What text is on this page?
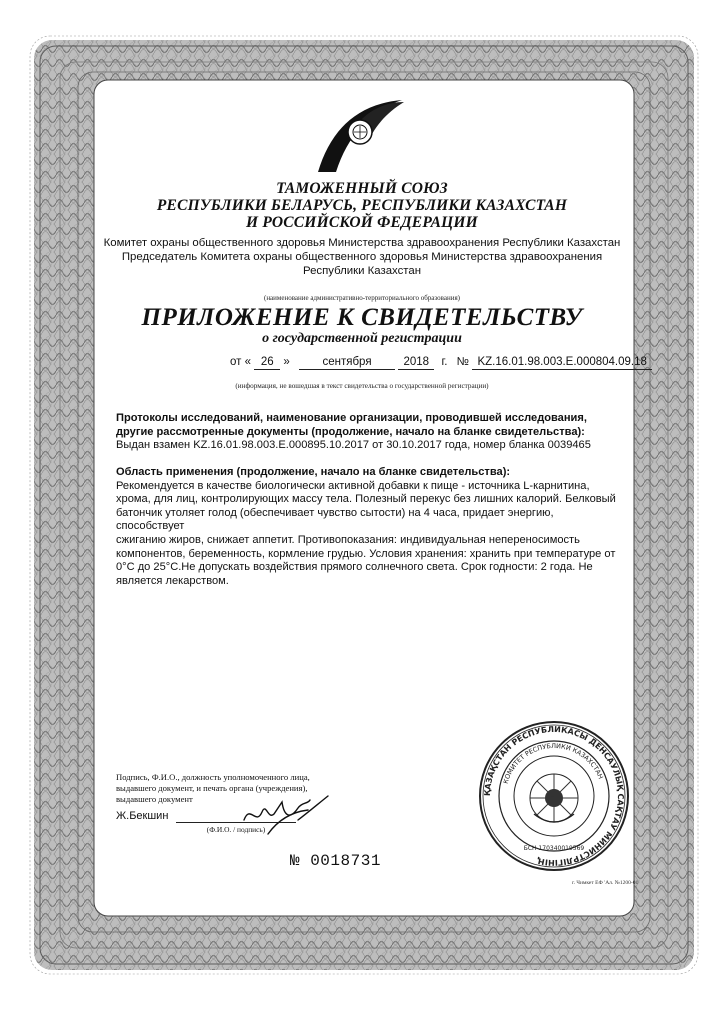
ТАМОЖЕННЫЙ СОЮЗ
РЕСПУБЛИКИ БЕЛАРУСЬ, РЕСПУБЛИКИ КАЗАХСТАН
И РОССИЙСКОЙ ФЕДЕРАЦИИ
Комитет охраны общественного здоровья Министерства здравоохранения Республики Казахстан
Председатель Комитета охраны общественного здоровья Министерства здравоохранения
Республики Казахстан
(наименование административно-территориального образования)
ПРИЛОЖЕНИЕ К СВИДЕТЕЛЬСТВУ
о государственной регистрации
от « 26 »	сентября	2018 г. № KZ.16.01.98.003.E.000804.09.18
(информация, не вошедшая в текст свидетельства о государственной регистрации)
Протоколы исследований, наименование организации, проводившей исследования,
другие рассмотренные документы (продолжение, начало на бланке свидетельства):
Выдан взамен KZ.16.01.98.003.E.000895.10.2017 от 30.10.2017 года, номер бланка 0039465
Область применения (продолжение, начало на бланке свидетельства):
Рекомендуется в качестве биологически активной добавки к пище - источника L-карнитина,
хрома, для лиц, контролирующих массу тела. Полезный перекус без лишних калорий. Белковый
батончик утоляет голод (обеспечивает чувство сытости) на 4 часа, придает энергию, способствует
сжиганию жиров, снижает аппетит. Противопоказания: индивидуальная непереносимость
компонентов, беременность, кормление грудью. Условия хранения: хранить при температуре от
0°С до 25°С.Не допускать воздействия прямого солнечного света. Срок годности: 2 года. Не
является лекарством.
Подпись, Ф.И.О., должность уполномоченного лица,
выдавшего документ, и печать органа (учреждения),
выдавшего документ
Ж.Бекшин
(Ф.И.О. / подпись)
№ 0018731
г. Чимкет ЕФ 'Ал. №1200-01
ҚАЗАҚСТАН РЕСПУБЛИКАСЫ ДЕНСАУЛЫҚ САҚТАУ МИНИСТРЛІГІНІҢ
КОМИТЕТ РЕСПУБЛИКИ КАЗАХСТАН
БСН 170340019569
